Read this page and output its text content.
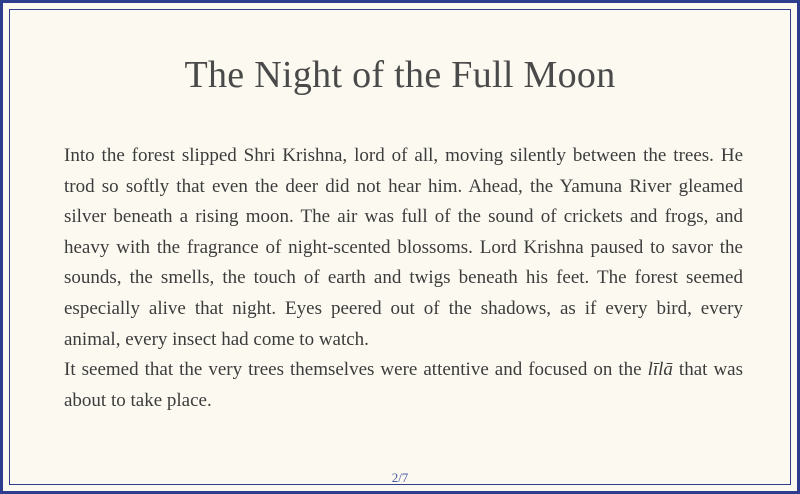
The Night of the Full Moon

Into the forest slipped Shri Krishna, lord of all, moving silently between the trees. He trod so softly that even the deer did not hear him. Ahead, the Yamuna River gleamed silver beneath a rising moon. The air was full of the sound of crickets and frogs, and heavy with the fragrance of night-scented blossoms. Lord Krishna paused to savor the sounds, the smells, the touch of earth and twigs beneath his feet. The forest seemed especially alive that night. Eyes peered out of the shadows, as if every bird, every animal, every insect had come to watch.

It seemed that the very trees themselves were attentive and focused on the līlā that was about to take place.

2/7
